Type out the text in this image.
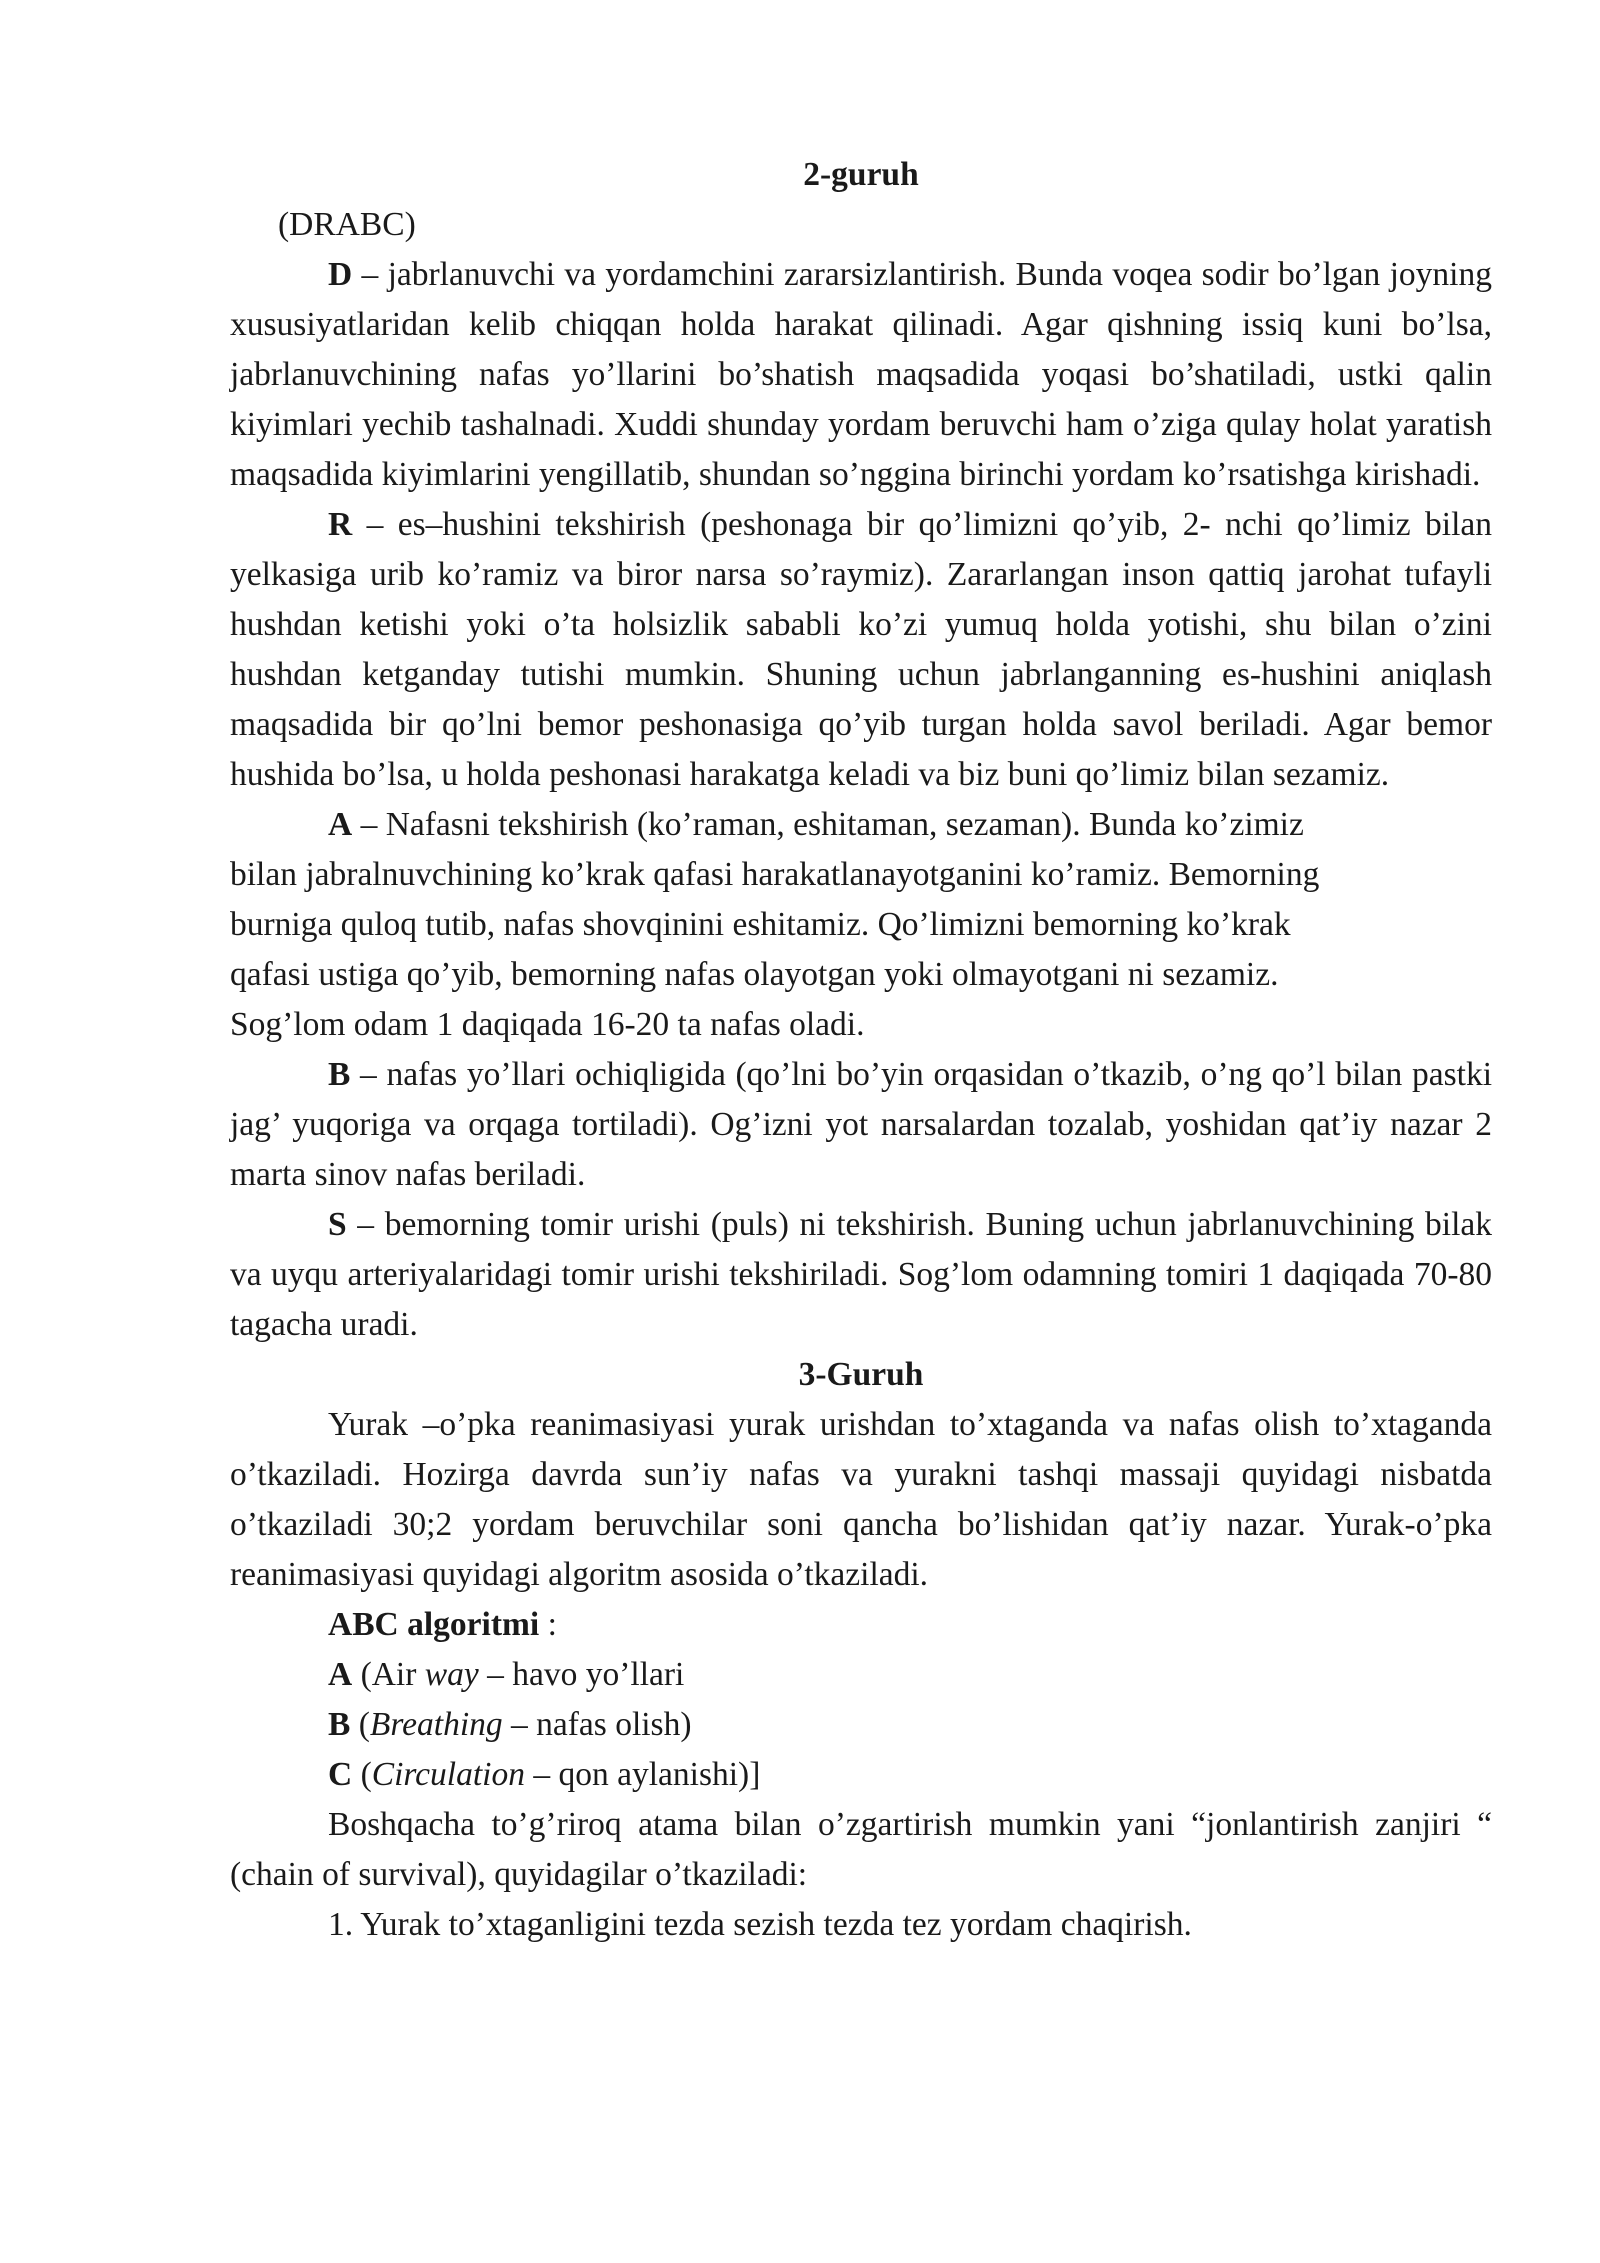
2-guruh

(DRABC)

D – jabrlanuvchi va yordamchini zararsizlantirish. Bunda voqea sodir bo’lgan joyning xususiyatlaridan kelib chiqqan holda harakat qilinadi. Agar qishning issiq kuni bo’lsa, jabrlanuvchining nafas yo’llarini bo’shatish maqsadida yoqasi bo’shatiladi, ustki qalin kiyimlari yechib tashalnadi. Xuddi shunday yordam beruvchi ham o’ziga qulay holat yaratish maqsadida kiyimlarini yengillatib, shundan so’nggina birinchi yordam ko’rsatishga kirishadi.

R – es–hushini tekshirish (peshonaga bir qo’limizni qo’yib, 2- nchi qo’limiz bilan yelkasiga urib ko’ramiz va biror narsa so’raymiz). Zararlangan inson qattiq jarohat tufayli hushdan ketishi yoki o’ta holsizlik sababli ko’zi yumuq holda yotishi, shu bilan o’zini hushdan ketganday tutishi mumkin. Shuning uchun jabrlanganning es-hushini aniqlash maqsadida bir qo’lni bemor peshonasiga qo’yib turgan holda savol beriladi. Agar bemor hushida bo’lsa, u holda peshonasi harakatga keladi va biz buni qo’limiz bilan sezamiz.

A – Nafasni tekshirish (ko’raman, eshitaman, sezaman). Bunda ko’zimiz

bilan jabralnuvchining ko’krak qafasi harakatlanayotganini ko’ramiz. Bemorning

burniga quloq tutib, nafas shovqinini eshitamiz. Qo’limizni bemorning ko’krak

qafasi ustiga qo’yib, bemorning nafas olayotgan yoki olmayotgani ni sezamiz.

Sog’lom odam 1 daqiqada 16-20 ta nafas oladi.

B – nafas yo’llari ochiqligida (qo’lni bo’yin orqasidan o’tkazib, o’ng qo’l bilan pastki jag’ yuqoriga va orqaga tortiladi). Og’izni yot narsalardan tozalab, yoshidan qat’iy nazar 2 marta sinov nafas beriladi.

S – bemorning tomir urishi (puls) ni tekshirish. Buning uchun jabrlanuvchining bilak va uyqu arteriyalaridagi tomir urishi tekshiriladi. Sog’lom odamning tomiri 1 daqiqada 70-80 tagacha uradi.

3-Guruh

Yurak –o’pka reanimasiyasi yurak urishdan to’xtaganda va nafas olish to’xtaganda o’tkaziladi. Hozirga davrda sun’iy nafas va yurakni tashqi massaji quyidagi nisbatda o’tkaziladi 30;2 yordam beruvchilar soni qancha bo’lishidan qat’iy nazar. Yurak-o’pka reanimasiyasi quyidagi algoritm asosida o’tkaziladi.

ABC algoritmi :

A (Air way – havo yo’llari

B (Breathing – nafas olish)

C (Circulation – qon aylanishi)]

Boshqacha to’g’riroq atama bilan o’zgartirish mumkin yani “jonlantirish zanjiri “ (chain of survival), quyidagilar o’tkaziladi:

1. Yurak to’xtaganligini tezda sezish tezda tez yordam chaqirish.
